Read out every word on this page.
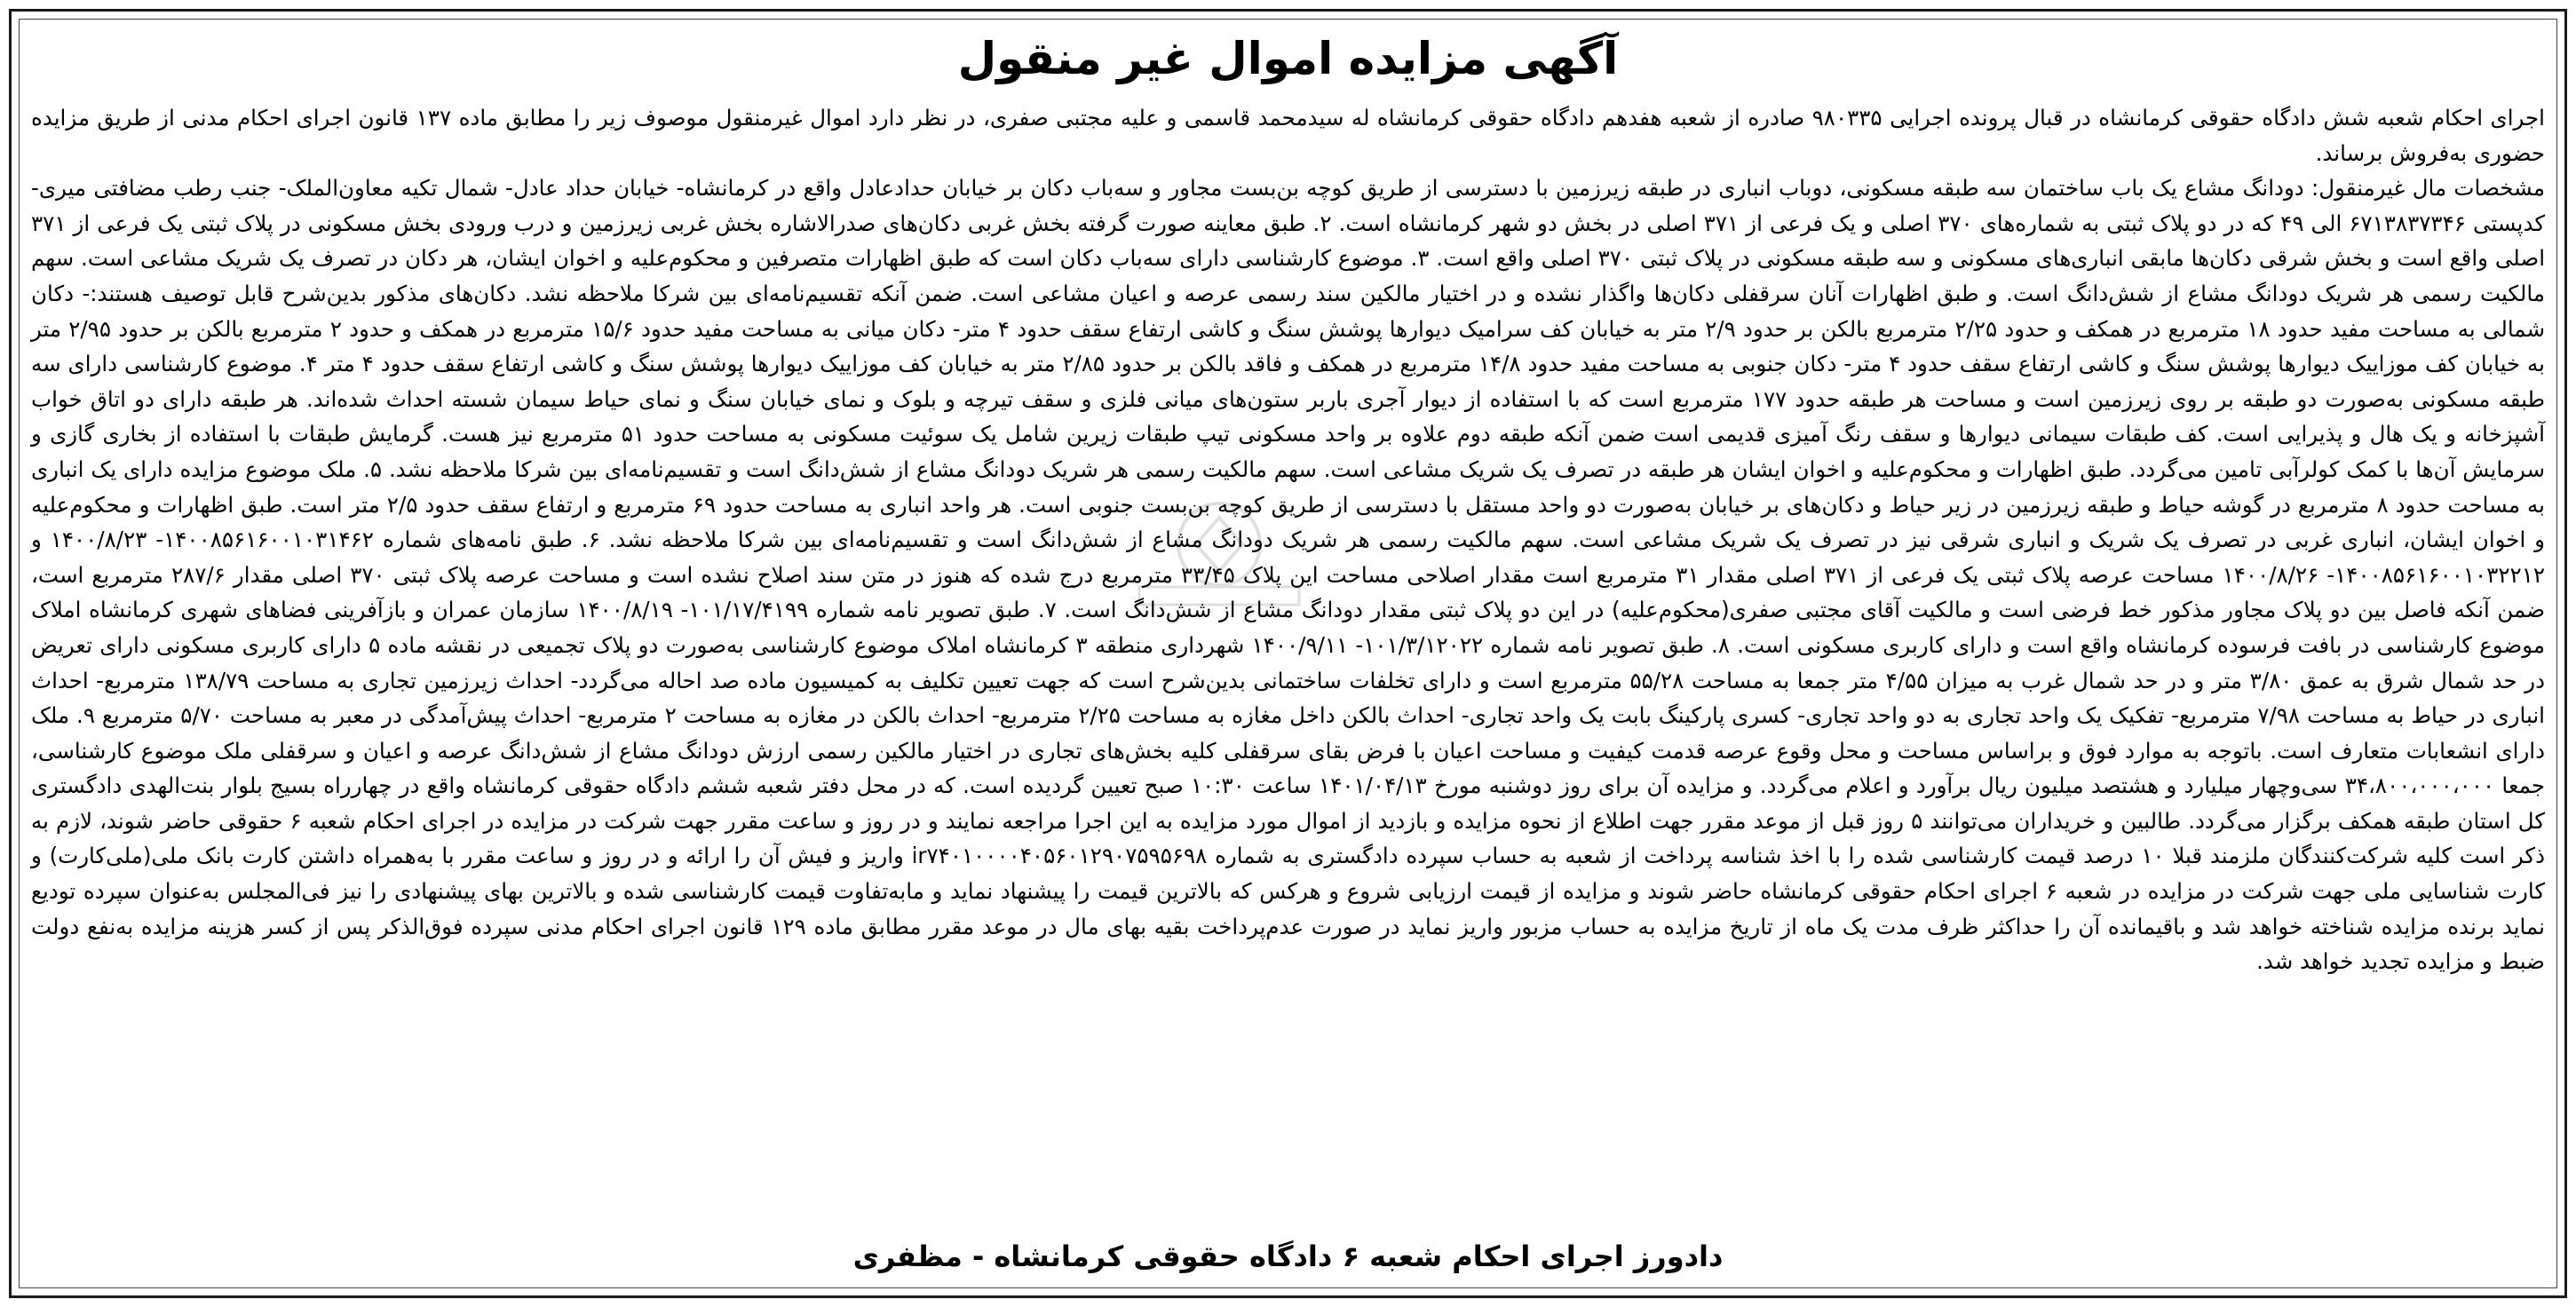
آگهی مزایده اموال غیر منقول

اجرای احکام شعبه شش دادگاه حقوقی کرمانشاه در قبال پرونده اجرایی ۹۸۰۳۳۵ صادره از شعبه هفدهم دادگاه حقوقی کرمانشاه له سیدمحمد قاسمی و علیه مجتبی صفری، در نظر دارد اموال غیرمنقول موصوف زیر را مطابق ماده ۱۳۷ قانون اجرای احکام مدنی از طریق مزایده حضوری به‌فروش برساند.

مشخصات مال غیرمنقول: دودانگ مشاع یک باب ساختمان سه طبقه مسکونی، دوباب انباری در طبقه زیرزمین با دسترسی از طریق کوچه بن‌بست مجاور و سه‌باب دکان بر خیابان حدادعادل واقع در کرمانشاه- خیابان حداد عادل- شمال تکیه معاون‌الملک- جنب رطب مضافتی میری- کدپستی ۶۷۱۳۸۳۷۳۴۶ الی ۴۹ که در دو پلاک ثبتی به شماره‌های ۳۷۰ اصلی و یک فرعی از ۳۷۱ اصلی در بخش دو شهر کرمانشاه است. ۲. طبق معاینه صورت گرفته بخش غربی دکان‌های صدرالاشاره بخش غربی زیرزمین و درب ورودی بخش مسکونی در پلاک ثبتی یک فرعی از ۳۷۱ اصلی واقع است و بخش شرقی دکان‌ها مابقی انباری‌های مسکونی و سه طبقه مسکونی در پلاک ثبتی ۳۷۰ اصلی واقع است. ۳. موضوع کارشناسی دارای سه‌باب دکان است که طبق اظهارات متصرفین و محکوم‌علیه و اخوان ایشان، هر دکان در تصرف یک شریک مشاعی است. سهم مالکیت رسمی هر شریک دودانگ مشاع از شش‌دانگ است. و طبق اظهارات آنان سرقفلی دکان‌ها واگذار نشده و در اختیار مالکین سند رسمی عرصه و اعیان مشاعی است. ضمن آنکه تقسیم‌نامه‌ای بین شرکا ملاحظه نشد. دکان‌های مذکور بدین‌شرح قابل توصیف هستند:- دکان شمالی به مساحت مفید حدود ۱۸ مترمربع در همکف و حدود ۲/۲۵ مترمربع بالکن بر حدود ۲/۹ متر به خیابان کف سرامیک دیوارها پوشش سنگ و کاشی ارتفاع سقف حدود ۴ متر- دکان میانی به مساحت مفید حدود ۱۵/۶ مترمربع در همکف و حدود ۲ مترمربع بالکن بر حدود ۲/۹۵ متر به خیابان کف موزاییک دیوارها پوشش سنگ و کاشی ارتفاع سقف حدود ۴ متر- دکان جنوبی به مساحت مفید حدود ۱۴/۸ مترمربع در همکف و فاقد بالکن بر حدود ۲/۸۵ متر به خیابان کف موزاییک دیوارها پوشش سنگ و کاشی ارتفاع سقف حدود ۴ متر ۴. موضوع کارشناسی دارای سه طبقه مسکونی به‌صورت دو طبقه بر روی زیرزمین است و مساحت هر طبقه حدود ۱۷۷ مترمربع است که با استفاده از دیوار آجری باربر ستون‌های میانی فلزی و سقف تیرچه و بلوک و نمای خیابان سنگ و نمای حیاط سیمان شسته احداث شده‌اند. هر طبقه دارای دو اتاق خواب آشپزخانه و یک هال و پذیرایی است. کف طبقات سیمانی دیوارها و سقف رنگ آمیزی قدیمی است ضمن آنکه طبقه دوم علاوه بر واحد مسکونی تیپ طبقات زیرین شامل یک سوئیت مسکونی به مساحت حدود ۵۱ مترمربع نیز هست. گرمایش طبقات با استفاده از بخاری گازی و سرمایش آن‌ها با کمک کولرآبی تامین می‌گردد. طبق اظهارات و محکوم‌علیه و اخوان ایشان هر طبقه در تصرف یک شریک مشاعی است. سهم مالکیت رسمی هر شریک دودانگ مشاع از شش‌دانگ است و تقسیم‌نامه‌ای بین شرکا ملاحظه نشد. ۵. ملک موضوع مزایده دارای یک انباری به مساحت حدود ۸ مترمربع در گوشه حیاط و طبقه زیرزمین در زیر حیاط و دکان‌های بر خیابان به‌صورت دو واحد مستقل با دسترسی از طریق کوچه بن‌بست جنوبی است. هر واحد انباری به مساحت حدود ۶۹ مترمربع و ارتفاع سقف حدود ۲/۵ متر است. طبق اظهارات و محکوم‌علیه و اخوان ایشان، انباری غربی در تصرف یک شریک و انباری شرقی نیز در تصرف یک شریک مشاعی است. سهم مالکیت رسمی هر شریک دودانگ مشاع از شش‌دانگ است و تقسیم‌نامه‌ای بین شرکا ملاحظه نشد. ۶. طبق نامه‌های شماره ۱۴۰۰۸۵۶۱۶۰۰۱۰۳۱۴۶۲- ۱۴۰۰/۸/۲۳ و ۱۴۰۰۸۵۶۱۶۰۰۱۰۳۲۲۱۲- ۱۴۰۰/۸/۲۶ مساحت عرصه پلاک ثبتی یک فرعی از ۳۷۱ اصلی مقدار ۳۱ مترمربع است مقدار اصلاحی مساحت این پلاک ۳۳/۴۵ مترمربع درج شده که هنوز در متن سند اصلاح نشده است و مساحت عرصه پلاک ثبتی ۳۷۰ اصلی مقدار ۲۸۷/۶ مترمربع است، ضمن آنکه فاصل بین دو پلاک مجاور مذکور خط فرضی است و مالکیت آقای مجتبی صفری(محکوم‌علیه) در این دو پلاک ثبتی مقدار دودانگ مشاع از شش‌دانگ است. ۷. طبق تصویر نامه شماره ۱۰۱/۱۷/۴۱۹۹- ۱۴۰۰/۸/۱۹ سازمان عمران و بازآفرینی فضاهای شهری کرمانشاه املاک موضوع کارشناسی در بافت فرسوده کرمانشاه واقع است و دارای کاربری مسکونی است. ۸. طبق تصویر نامه شماره ۱۰۱/۳/۱۲۰۲۲- ۱۴۰۰/۹/۱۱ شهرداری منطقه ۳ کرمانشاه املاک موضوع کارشناسی به‌صورت دو پلاک تجمیعی در نقشه ماده ۵ دارای کاربری مسکونی دارای تعریض در حد شمال شرق به عمق ۳/۸۰ متر و در حد شمال غرب به میزان ۴/۵۵ متر جمعا به مساحت ۵۵/۲۸ مترمربع است و دارای تخلفات ساختمانی بدین‌شرح است که جهت تعیین تکلیف به کمیسیون ماده صد احاله می‌گردد- احداث زیرزمین تجاری به مساحت ۱۳۸/۷۹ مترمربع- احداث انباری در حیاط به مساحت ۷/۹۸ مترمربع- تفکیک یک واحد تجاری به دو واحد تجاری- کسری پارکینگ بابت یک واحد تجاری- احداث بالکن داخل مغازه به مساحت ۲/۲۵ مترمربع- احداث بالکن در مغازه به مساحت ۲ مترمربع- احداث پیش‌آمدگی در معبر به مساحت ۵/۷۰ مترمربع ۹. ملک دارای انشعابات متعارف است. باتوجه به موارد فوق و براساس مساحت و محل وقوع عرصه قدمت کیفیت و مساحت اعیان با فرض بقای سرقفلی کلیه بخش‌های تجاری در اختیار مالکین رسمی ارزش دودانگ مشاع از شش‌دانگ عرصه و اعیان و سرقفلی ملک موضوع کارشناسی، جمعا ۳۴،۸۰۰،۰۰۰،۰۰۰ سی‌وچهار میلیارد و هشتصد میلیون ریال برآورد و اعلام می‌گردد. و مزایده آن برای روز دوشنبه مورخ ۱۴۰۱/۰۴/۱۳ ساعت ۱۰:۳۰ صبح تعیین گردیده است. که در محل دفتر شعبه ششم دادگاه حقوقی کرمانشاه واقع در چهارراه بسیج بلوار بنت‌الهدی دادگستری کل استان طبقه همکف برگزار می‌گردد. طالبین و خریداران می‌توانند ۵ روز قبل از موعد مقرر جهت اطلاع از نحوه مزایده و بازدید از اموال مورد مزایده به این اجرا مراجعه نمایند و در روز و ساعت مقرر جهت شرکت در مزایده در اجرای احکام شعبه ۶ حقوقی حاضر شوند، لازم به ذکر است کلیه شرکت‌کنندگان ملزمند قبلا ۱۰ درصد قیمت کارشناسی شده را با اخذ شناسه پرداخت از شعبه به حساب سپرده دادگستری به شماره ir۷۴۰۱۰۰۰۰۴۰۵۶۰۱۲۹۰۷۵۹۵۶۹۸ واریز و فیش آن را ارائه و در روز و ساعت مقرر با به‌همراه داشتن کارت بانک ملی(ملی‌کارت) و کارت شناسایی ملی جهت شرکت در مزایده در شعبه ۶ اجرای احکام حقوقی کرمانشاه حاضر شوند و مزایده از قیمت ارزیابی شروع و هرکس که بالاترین قیمت را پیشنهاد نماید و مابه‌تفاوت قیمت کارشناسی شده و بالاترین بهای پیشنهادی را نیز فی‌المجلس به‌عنوان سپرده تودیع نماید برنده مزایده شناخته خواهد شد و باقیمانده آن را حداکثر ظرف مدت یک ماه از تاریخ مزایده به حساب مزبور واریز نماید در صورت عدم‌پرداخت بقیه بهای مال در موعد مقرر مطابق ماده ۱۲۹ قانون اجرای احکام مدنی سپرده فوق‌الذکر پس از کسر هزینه مزایده به‌نفع دولت ضبط و مزایده تجدید خواهد شد.

دادورز اجرای احکام شعبه ۶ دادگاه حقوقی کرمانشاه - مظفری
